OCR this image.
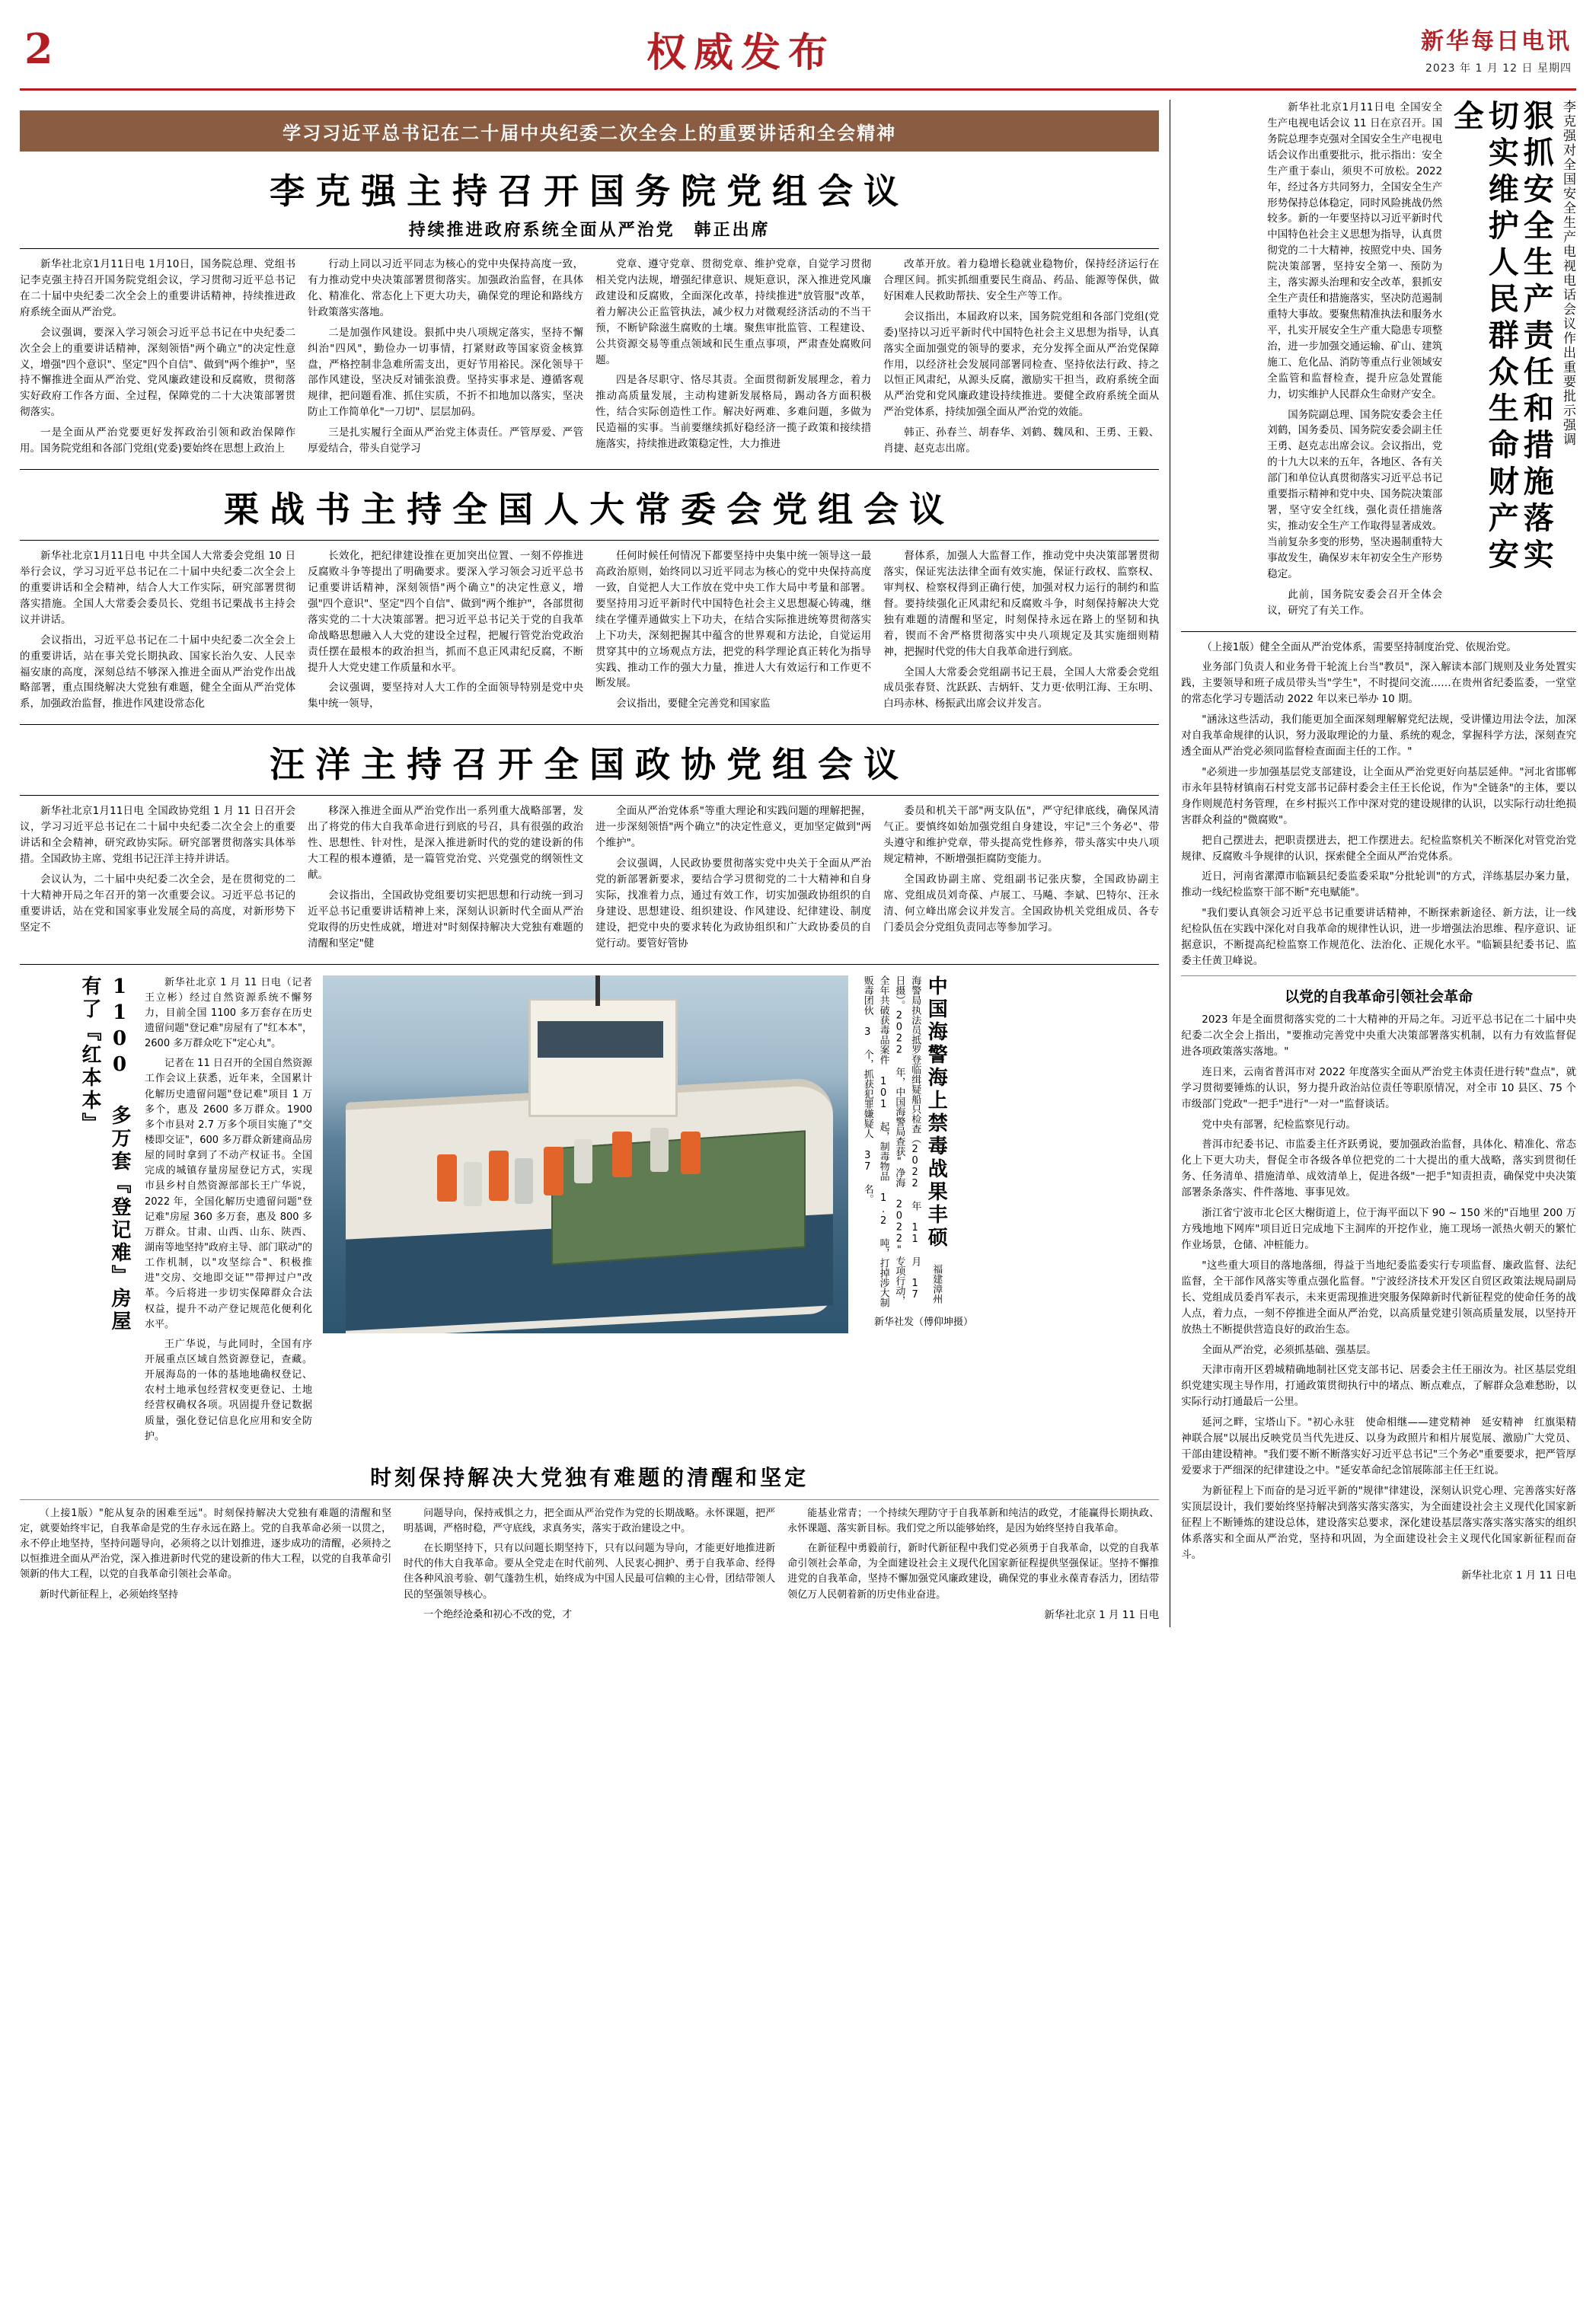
2	权威发布	新华每日电讯
2023 年 1 月 12 日 星期四
学习习近平总书记在二十届中央纪委二次全会上的重要讲话和全会精神
李克强主持召开国务院党组会议
持续推进政府系统全面从严治党　韩正出席

新华社北京1月11日电 1月10日，国务院总理、党组书记李克强主持召开国务院党组会议，学习贯彻习近平总书记在二十届中央纪委二次全会上的重要讲话精神，持续推进政府系统全面从严治党。

会议强调，要深入学习领会习近平总书记在中央纪委二次全会上的重要讲话精神，深刻领悟"两个确立"的决定性意义，增强"四个意识"、坚定"四个自信"、做到"两个维护"，坚持不懈推进全面从严治党、党风廉政建设和反腐败，贯彻落实好政府工作各方面、全过程，保障党的二十大决策部署贯彻落实。

一是全面从严治党要更好发挥政治引领和政治保障作用。国务院党组和各部门党组(党委)要始终在思想上政治上

行动上同以习近平同志为核心的党中央保持高度一致，有力推动党中央决策部署贯彻落实。加强政治监督，在具体化、精准化、常态化上下更大功夫，确保党的理论和路线方针政策落实落地。

二是加强作风建设。狠抓中央八项规定落实，坚持不懈纠治"四风"，勤俭办一切事情，打紧财政等国家资金核算盘，严格控制非急难所需支出，更好节用裕民。深化领导干部作风建设，坚决反对铺张浪费。坚持实事求是、遵循客观规律，把问题看准、抓住实质，不折不扣地加以落实，坚决防止工作简单化"一刀切"、层层加码。

三是扎实履行全面从严治党主体责任。严管厚爱、严管厚爱结合，带头自觉学习

党章、遵守党章、贯彻党章、维护党章，自觉学习贯彻相关党内法规，增强纪律意识、规矩意识，深入推进党风廉政建设和反腐败，全面深化改革，持续推进"放管服"改革，着力解决公正监管执法，减少权力对微观经济活动的不当干预，不断铲除滋生腐败的土壤。聚焦审批监管、工程建设、公共资源交易等重点领域和民生重点事项，严肃查处腐败问题。

四是各尽职守、恪尽其责。全面贯彻新发展理念，着力推动高质量发展，主动构建新发展格局，踢动各方面积极性，结合实际创造性工作。解决好两难、多难问题，多做为民造福的实事。当前要继续抓好稳经济一揽子政策和接续措施落实，持续推进政策稳定性，大力推进

改革开放。着力稳增长稳就业稳物价，保持经济运行在合理区间。抓实抓细重要民生商品、药品、能源等保供，做好困难人民救助帮扶、安全生产等工作。

会议指出，本届政府以来，国务院党组和各部门党组(党委)坚持以习近平新时代中国特色社会主义思想为指导，认真落实全面加强党的领导的要求，充分发挥全面从严治党保障作用，以经济社会发展同部署同检查、坚持依法行政、持之以恒正风肃纪，从源头反腐，激励实干担当，政府系统全面从严治党和党风廉政建设持续推进。要健全政府系统全面从严治党体系，持续加强全面从严治党的效能。

韩正、孙春兰、胡春华、刘鹤、魏凤和、王勇、王毅、肖捷、赵克志出席。

栗战书主持全国人大常委会党组会议

新华社北京1月11日电 中共全国人大常委会党组 10 日举行会议，学习习近平总书记在二十届中央纪委二次全会上的重要讲话和全会精神，结合人大工作实际，研究部署贯彻落实措施。全国人大常委会委员长、党组书记栗战书主持会议并讲话。

会议指出，习近平总书记在二十届中央纪委二次全会上的重要讲话，站在事关党长期执政、国家长治久安、人民幸福安康的高度，深刻总结不够深入推进全面从严治党作出战略部署，重点围绕解决大党独有难题，健全全面从严治党体系，加强政治监督，推进作风建设常态化

长效化，把纪律建设推在更加突出位置、一刻不停推进反腐败斗争等提出了明确要求。要深入学习领会习近平总书记重要讲话精神，深刻领悟"两个确立"的决定性意义，增强"四个意识"、坚定"四个自信"、做到"两个维护"，各部贯彻落实党的二十大决策部署。把习近平总书记关于党的自我革命战略思想融入人大党的建设全过程，把履行管党治党政治责任摆在最根本的政治担当，抓而不息正风肃纪反腐，不断提升人大党史建工作质量和水平。

会议强调，要坚持对人大工作的全面领导特别是党中央集中统一领导，

任何时候任何情况下都要坚持中央集中统一领导这一最高政治原则，始终同以习近平同志为核心的党中央保持高度一致，自觉把人大工作放在党中央工作大局中考量和部署。要坚持用习近平新时代中国特色社会主义思想凝心铸魂，继续在学懂弄通做实上下功夫，在结合实际推进统筹贯彻落实上下功夫，深刻把握其中蕴含的世界观和方法论，自觉运用贯穿其中的立场观点方法，把党的科学理论真正转化为指导实践、推动工作的强大力量，推进人大有效运行和工作更不断发展。

会议指出，要健全完善党和国家监

督体系，加强人大监督工作，推动党中央决策部署贯彻落实，保证宪法法律全面有效实施，保证行政权、监察权、审判权、检察权得到正确行使，加强对权力运行的制约和监督。要持续强化正风肃纪和反腐败斗争，时刻保持解决大党独有难题的清醒和坚定，时刻保持永远在路上的坚韧和执着，锲而不舍严格贯彻落实中央八项规定及其实施细则精神，把握时代党的伟大自我革命进行到底。

全国人大常委会党组副书记王晨，全国人大常委会党组成员张春贤、沈跃跃、吉炳轩、艾力更·依明江海、王东明、白玛赤林、杨振武出席会议并发言。

汪洋主持召开全国政协党组会议

新华社北京1月11日电 全国政协党组 1 月 11 日召开会议，学习习近平总书记在二十届中央纪委二次全会上的重要讲话和全会精神，研究政协实际。研究部署贯彻落实具体举措。全国政协主席、党组书记汪洋主持并讲话。

会议认为，二十届中央纪委二次全会，是在贯彻党的二十大精神开局之年召开的第一次重要会议。习近平总书记的重要讲话，站在党和国家事业发展全局的高度，对新形势下坚定不

移深入推进全面从严治党作出一系列重大战略部署，发出了将党的伟大自我革命进行到底的号召，具有很强的政治性、思想性、针对性，是深入推进新时代的党的建设新的伟大工程的根本遵循，是一篇管党治党、兴党强党的纲领性文献。

会议指出，全国政协党组要切实把思想和行动统一到习近平总书记重要讲话精神上来，深刻认识新时代全面从严治党取得的历史性成就，增进对"时刻保持解决大党独有难题的清醒和坚定"健

全面从严治党体系"等重大理论和实践问题的理解把握，进一步深刻领悟"两个确立"的决定性意义，更加坚定做到"两个维护"。

会议强调，人民政协要贯彻落实党中央关于全面从严治党的新部署新要求，要结合学习贯彻党的二十大精神和自身实际，找准着力点，通过有效工作，切实加强政协组织的自身建设、思想建设、组织建设、作风建设、纪律建设、制度建设，把党中央的要求转化为政协组织和广大政协委员的自觉行动。要管好管协

委员和机关干部"两支队伍"，严守纪律底线，确保风清气正。要慎终如始加强党组自身建设，牢记"三个务必"、带头遵守和维护党章，带头提高党性修养，带头落实中央八项规定精神，不断增强拒腐防变能力。

全国政协副主席、党组副书记张庆黎，全国政协副主席、党组成员刘奇葆、卢展工、马飚、李斌、巴特尔、汪永清、何立峰出席会议并发言。全国政协机关党组成员、各专门委员会分党组负责同志等参加学习。

1100 多万套『登记难』房屋有了『红本本』	新华社北京 1 月 11 日电（记者 王立彬）经过自然资源系统不懈努力，目前全国 1100 多万套存在历史遗留问题"登记难"房屋有了"红本本"，2600 多万群众吃下"定心丸"。

记者在 11 日召开的全国自然资源工作会议上获悉，近年来，全国累计化解历史遗留问题"登记难"项目 1 万多个，惠及 2600 多万群众。1900 多个市县对 2.7 万多个项目实施了"交楼即交证"，600 多万群众新建商品房屋的同时拿到了不动产权证书。全国完成的城镇存量房屋登记方式，实现市县乡村自然资源部部长王广华说，2022 年，全国化解历史遗留问题"登记难"房屋 360 多万套，惠及 800 多万群众。甘肃、山西、山东、陕西、湖南等地坚持"政府主导、部门联动"的工作机制，以"攻坚综合"、积极推进"交房、交地即交证""带押过户"改革。今后将进一步切实保障群众合法权益，提升不动产登记规范化便利化水平。

王广华说，与此同时，全国有序开展重点区域自然资源登记，查藏。开展海岛的一体的基地地确权登记、农村土地承包经营权变更登记、土地经营权确权各项。巩固提升登记数据质量，强化登记信息化应用和安全防护。

中国海警海上禁毒战果丰硕 福建漳州海警局执法员抵罗登临缉疑船只检查（2022 年 11 月 17 日摄）。2022 年，中国海警局查获"净海 2022"专项行动，全年共破获毒品案件 101 起，制毒物品 1.2 吨，打掉涉大制贩毒团伙 3 个，抓获犯罪嫌疑人 37 名。
新华社发（傅仰坤摄）
时刻保持解决大党独有难题的清醒和坚定

（上接1版）"舵从复杂的困难至远"。时刻保持解决大党独有难题的清醒和坚定，就要始终牢记，自我革命是党的生存永远在路上。党的自我革命必须一以贯之，永不停止地坚持，坚持问题导向，必须将之以计划推进，逐步成功的清醒，必须持之以恒推进全面从严治党，深入推进新时代党的建设新的伟大工程，以党的自我革命引领新的伟大工程，以党的自我革命引领社会革命。

新时代新征程上，必须始终坚持

问题导向，保持戒惧之力，把全面从严治党作为党的长期战略。永怀课题，把严明基调，严格时稳，严守底线，求真务实，落实于政治建设之中。

在长期坚持下，只有以问题长期坚持下，只有以问题为导向，才能更好地推进新时代的伟大自我革命。要从全党走在时代前列、人民衷心拥护、勇于自我革命、经得住各种风浪考验、朝气蓬勃生机，始终成为中国人民最可信赖的主心骨，团结带领人民的坚强领导核心。

一个绝经沧桑和初心不改的党，才

能基业常青；一个持续矢理防守于自我革新和纯洁的政党，才能赢得长期执政、永怀课题、落实新目标。我们党之所以能够始终，是因为始终坚持自我革命。

在新征程中勇毅前行，新时代新征程中我们党必须勇于自我革命，以党的自我革命引领社会革命，为全面建设社会主义现代化国家新征程提供坚强保证。坚持不懈推进党的自我革命，坚持不懈加强党风廉政建设，确保党的事业永葆青春活力，团结带领亿万人民朝着新的历史伟业奋进。

新华社北京 1 月 11 日电
李克强对全国安全生产电视电话会议作出重要批示强调
狠抓安全生产责任和措施落实 切实维护人民群众生命财产安全

新华社北京1月11日电 全国安全生产电视电话会议 11 日在京召开。国务院总理李克强对全国安全生产电视电话会议作出重要批示，批示指出：安全生产重于泰山，须臾不可放松。2022 年，经过各方共同努力，全国安全生产形势保持总体稳定，同时风险挑战仍然较多。新的一年要坚持以习近平新时代中国特色社会主义思想为指导，认真贯彻党的二十大精神，按照党中央、国务院决策部署，坚持安全第一、预防为主，落实源头治理和安全改革，狠抓安全生产责任和措施落实，坚决防范遏制重特大事故。要聚焦精准执法和服务水平，扎实开展安全生产重大隐患专项整治，进一步加强交通运输、矿山、建筑施工、危化品、消防等重点行业领域安全监管和监督检查，提升应急处置能力，切实维护人民群众生命财产安全。

国务院副总理、国务院安委会主任刘鹤，国务委员、国务院安委会副主任王勇、赵克志出席会议。会议指出，党的十九大以来的五年，各地区、各有关部门和单位认真贯彻落实习近平总书记重要指示精神和党中央、国务院决策部署，坚守安全红线，强化责任措施落实，推动安全生产工作取得显著成效。当前复杂多变的形势，坚决遏制重特大事故发生，确保岁末年初安全生产形势稳定。

此前，国务院安委会召开全体会议，研究了有关工作。

（上接1版）健全全面从严治党体系，需要坚持制度治党、依规治党。

业务部门负责人和业务骨干轮流上台当"教员"，深入解读本部门规则及业务处置实践，主要领导和班子成员带头当"学生"，不时提问交流……在贵州省纪委监委，一堂堂的常态化学习专题活动 2022 年以来已举办 10 期。

"涵泳这些活动，我们能更加全面深刻理解解党纪法规，受讲懂边用法令法，加深对自我革命规律的认识，努力汲取理论的力量、系统的观念，掌握科学方法，深刻查究透全面从严治党必须同监督检查面面主任的工作。"

"必须进一步加强基层党支部建设，让全面从严治党更好向基层延伸。"河北省邯郸市永年县特材镇南石村党支部书记薛村委会主任王长伦说，作为"全链条"的主体，要以身作则规范村务管理，在乡村振兴工作中深对党的建设规律的认识，以实际行动壮绝损害群众利益的"微腐败"。

把自己摆进去，把职责摆进去，把工作摆进去。纪检监察机关不断深化对管党治党规律、反腐败斗争规律的认识，探索健全全面从严治党体系。

近日，河南省漯潭市临颖县纪委监委采取"分批轮训"的方式，洋练基层办案力量，推动一线纪检监察干部不断"充电赋能"。

"我们要认真领会习近平总书记重要讲话精神，不断探索新途径、新方法，让一线纪检队伍在实践中深化对自我革命的规律性认识，进一步增强法治思维、程序意识、证据意识，不断提高纪检监察工作规范化、法治化、正规化水平。"临颖县纪委书记、监委主任黄卫峰说。

以党的自我革命引领社会革命

2023 年是全面贯彻落实党的二十大精神的开局之年。习近平总书记在二十届中央纪委二次全会上指出，"要推动完善党中央重大决策部署落实机制，以有力有效监督促进各项政策落实落地。"

连日来，云南省普洱市对 2022 年度落实全面从严治党主体责任进行转"盘点"，就学习贯彻要锤炼的认识，努力提升政治站位责任等职原情况，对全市 10 县区、75 个市级部门党政"一把手"进行"一对一"监督谈话。

党中央有部署，纪检监察见行动。

普洱市纪委书记、市监委主任齐跃勇说，要加强政治监督，具体化、精准化、常态化上下更大功夫，督促全市各级各单位把党的二十大提出的重大战略，落实到贯彻任务、任务清单、措施清单、成效清单上，促进各级"一把手"知责担责，确保党中央决策部署条条落实、件件落地、事事见效。

浙江省宁波市北仑区大榭街道上，位于海平面以下 90 ~ 150 米的"百地里 200 万方残地地下网库"项目近日完成地下主洞库的开挖作业，施工现场一派热火朝天的繁忙作业场景，仓储、冲桩能力。

"这些重大项目的落地落细，得益于当地纪委监委实行专项监督、廉政监督、法纪监督，全干部作风落实等重点强化监督。"宁波经济技术开发区自贸区政策法规局副局长、党组成员委肖军表示，未来更需现推进突服务保障新时代新征程党的使命任务的战人点，着力点，一刻不停推进全面从严治党，以高质量党建引领高质量发展，以坚持开放热土不断提供营造良好的政治生态。

全面从严治党，必须抓基础、强基层。

天津市南开区碧城精确地制社区党支部书记、居委会主任王丽汝为。社区基层党组织党建实现主导作用，打通政策贯彻执行中的堵点、断点难点，了解群众急难愁盼，以实际行动打通最后一公里。

延河之畔，宝塔山下。"初心永驻　使命相继——建党精神　延安精神　红旗渠精神联合展"以展出反映党员当代先进反、以身为政照片和相片展览展、激励广大党员、干部由建设精神。"我们要不断不断落实好习近平总书记"三个务必"重要要求，把严管厚爱要求于严细深的纪律建设之中。"延安革命纪念馆展陈部主任王红说。

为新征程上下而奋的是习近平新的"规律"律建设，深刻认识党心理、完善落实好落实顶层设计，我们要始终坚持解决到落实落实落实，为全面建设社会主义现代化国家新征程上不断锤炼的建设总体，建设落实总要求，深化建设基层落实落实落实落实的组织体系落实和全面从严治党，坚持和巩固，为全面建设社会主义现代化国家新征程而奋斗。

新华社北京 1 月 11 日电
